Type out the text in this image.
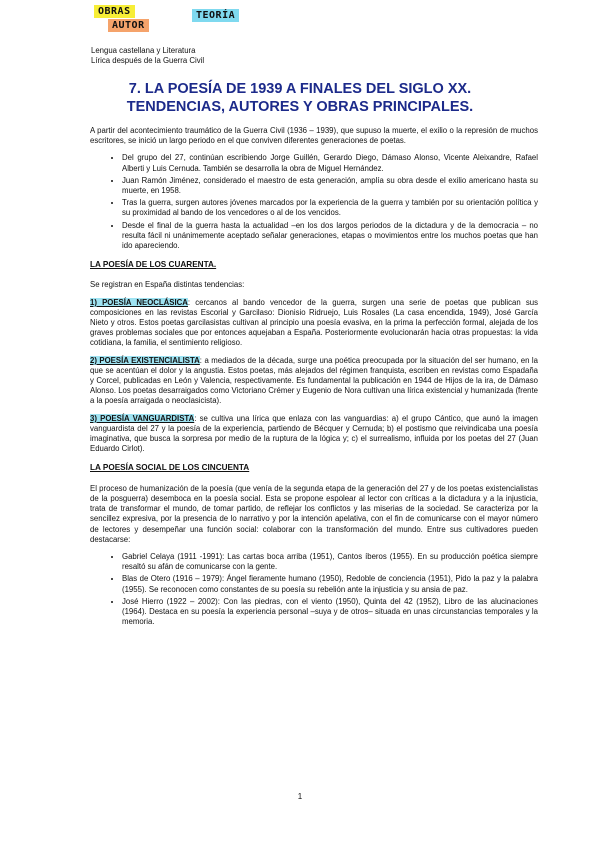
OBRAS
AUTOR
TEORÍA
Lengua castellana y Literatura
Lírica después de la Guerra Civil
7. LA POESÍA DE 1939 A FINALES DEL SIGLO XX.
TENDENCIAS, AUTORES Y OBRAS PRINCIPALES.

A partir del acontecimiento traumático de la Guerra Civil (1936 – 1939), que supuso la muerte, el exilio o la represión de muchos escritores, se inició un largo periodo en el que conviven diferentes generaciones de poetas.

• Del grupo del 27, continúan escribiendo Jorge Guillén, Gerardo Diego, Dámaso Alonso, Vicente Aleixandre, Rafael Alberti y Luis Cernuda. También se desarrolla la obra de Miguel Hernández.
• Juan Ramón Jiménez, considerado el maestro de esta generación, amplía su obra desde el exilio americano hasta su muerte, en 1958.
• Tras la guerra, surgen autores jóvenes marcados por la experiencia de la guerra y también por su orientación política y su proximidad al bando de los vencedores o al de los vencidos.
• Desde el final de la guerra hasta la actualidad –en los dos largos periodos de la dictadura y de la democracia – no resulta fácil ni unánimemente aceptado señalar generaciones, etapas o movimientos entre los muchos poetas que han ido apareciendo.
LA POESÍA DE LOS CUARENTA.

Se registran en España distintas tendencias:

1) POESÍA NEOCLÁSICA: cercanos al bando vencedor de la guerra, surgen una serie de poetas que publican sus composiciones en las revistas Escorial y Garcilaso: Dionisio Ridruejo, Luis Rosales (La casa encendida, 1949), José García Nieto y otros. Estos poetas garcilasistas cultivan al principio una poesía evasiva, en la prima la perfección formal, alejada de los graves problemas sociales que por entonces aquejaban a España. Posteriormente evolucionarán hacia otras propuestas: la vida cotidiana, la familia, el sentimiento religioso.

2) POESÍA EXISTENCIALISTA: a mediados de la década, surge una poética preocupada por la situación del ser humano, en la que se acentúan el dolor y la angustia. Estos poetas, más alejados del régimen franquista, escriben en revistas como Espadaña y Corcel, publicadas en León y Valencia, respectivamente. Es fundamental la publicación en 1944 de Hijos de la ira, de Dámaso Alonso. Los poetas desarraigados como Victoriano Crémer y Eugenio de Nora cultivan una lírica existencial y humanizada (frente a la poesía arraigada o neoclasicista).

3) POESÍA VANGUARDISTA: se cultiva una lírica que enlaza con las vanguardias: a) el grupo Cántico, que aunó la imagen vanguardista del 27 y la poesía de la experiencia, partiendo de Bécquer y Cernuda; b) el postismo que reivindicaba una poesía imaginativa, que busca la sorpresa por medio de la ruptura de la lógica y; c) el surrealismo, influida por los poetas del 27 (Juan Eduardo Cirlot).

LA POESÍA SOCIAL DE LOS CINCUENTA

El proceso de humanización de la poesía (que venía de la segunda etapa de la generación del 27 y de los poetas existencialistas de la posguerra) desemboca en la poesía social. Esta se propone espolear al lector con críticas a la dictadura y a la injusticia, trata de transformar el mundo, de tomar partido, de reflejar los conflictos y las miserias de la sociedad. Se caracteriza por la sencillez expresiva, por la presencia de lo narrativo y por la intención apelativa, con el fin de comunicarse con el mayor número de lectores y desempeñar una función social: colaborar con la transformación del mundo. Entre sus cultivadores pueden destacarse:

• Gabriel Celaya (1911 -1991): Las cartas boca arriba (1951), Cantos íberos (1955). En su producción poética siempre resaltó su afán de comunicarse con la gente.
• Blas de Otero (1916 – 1979): Ángel fieramente humano (1950), Redoble de conciencia (1951), Pido la paz y la palabra (1955). Se reconocen como constantes de su poesía su rebelión ante la injusticia y su ansia de paz.
• José Hierro (1922 – 2002): Con las piedras, con el viento (1950), Quinta del 42 (1952), Libro de las alucinaciones (1964). Destaca en su poesía la experiencia personal –suya y de otros– situada en unas circunstancias temporales y la memoria.
1
